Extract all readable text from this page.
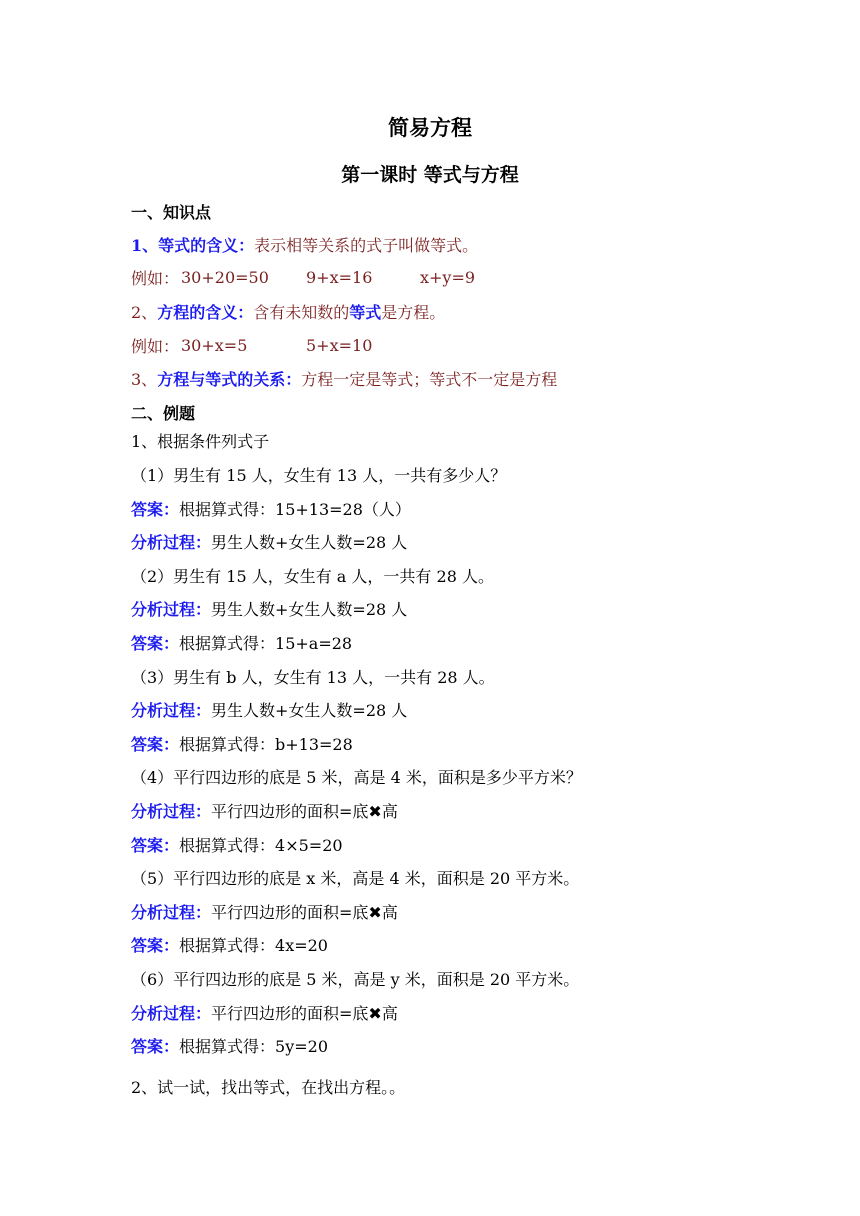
简易方程
第一课时 等式与方程
一、知识点
1、等式的含义：表示相等关系的式子叫做等式。
例如： 30+20=50 9+x=16	x+y=9
2、方程的含义：含有未知数的等式是方程。
例如： 30+x=5	5+x=10
3、方程与等式的关系：方程一定是等式；等式不一定是方程
二、例题
1、根据条件列式子
（1）男生有 15 人，女生有 13 人，一共有多少人？
答案：根据算式得：15+13=28（人）
分析过程：男生人数+女生人数=28 人
（2）男生有 15 人，女生有 a 人，一共有 28 人。
分析过程：男生人数+女生人数=28 人
答案：根据算式得：15+a=28
（3）男生有 b 人，女生有 13 人，一共有 28 人。
分析过程：男生人数+女生人数=28 人
答案：根据算式得：b+13=28
（4）平行四边形的底是 5 米，高是 4 米，面积是多少平方米？
分析过程：平行四边形的面积=底✖高
答案：根据算式得：4×5=20
（5）平行四边形的底是 x 米，高是 4 米，面积是 20 平方米。
分析过程：平行四边形的面积=底✖高
答案：根据算式得：4x=20
（6）平行四边形的底是 5 米，高是 y 米，面积是 20 平方米。
分析过程：平行四边形的面积=底✖高
答案：根据算式得：5y=20
2、试一试，找出等式，在找出方程。。
